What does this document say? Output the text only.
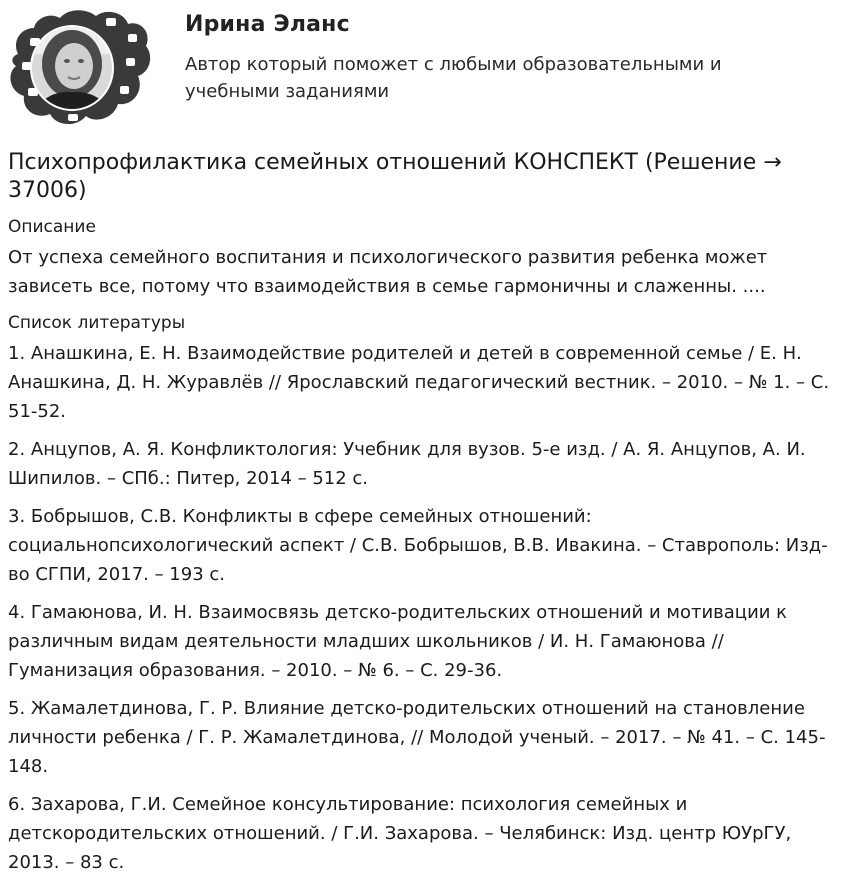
Ирина Эланс
Автор который поможет с любыми образовательными и учебными заданиями
Психопрофилактика семейных отношений КОНСПЕКТ (Решение → 37006)
Описание
От успеха семейного воспитания и психологического развития ребенка может зависеть все, потому что взаимодействия в семье гармоничны и слаженны. ....
Список литературы
1. Анашкина, Е. Н. Взаимодействие родителей и детей в современной семье / Е. Н. Анашкина, Д. Н. Журавлёв // Ярославский педагогический вестник. – 2010. – № 1. – С. 51-52.
2. Анцупов, А. Я. Конфликтология: Учебник для вузов. 5-е изд. / А. Я. Анцупов, А. И. Шипилов. – СПб.: Питер, 2014 – 512 с.
3. Бобрышов, С.В. Конфликты в сфере семейных отношений: социальнопсихологический аспект / С.В. Бобрышов, В.В. Ивакина. – Ставрополь: Изд-во СГПИ, 2017. – 193 с.
4. Гамаюнова, И. Н. Взаимосвязь детско-родительских отношений и мотивации к различным видам деятельности младших школьников / И. Н. Гамаюнова // Гуманизация образования. – 2010. – № 6. – С. 29-36.
5. Жамалетдинова, Г. Р. Влияние детско-родительских отношений на становление личности ребенка / Г. Р. Жамалетдинова, // Молодой ученый. – 2017. – № 41. – С. 145- 148.
6. Захарова, Г.И. Семейное консультирование: психология семейных и детскородительских отношений. / Г.И. Захарова. – Челябинск: Изд. центр ЮУрГУ, 2013. – 83 с.
